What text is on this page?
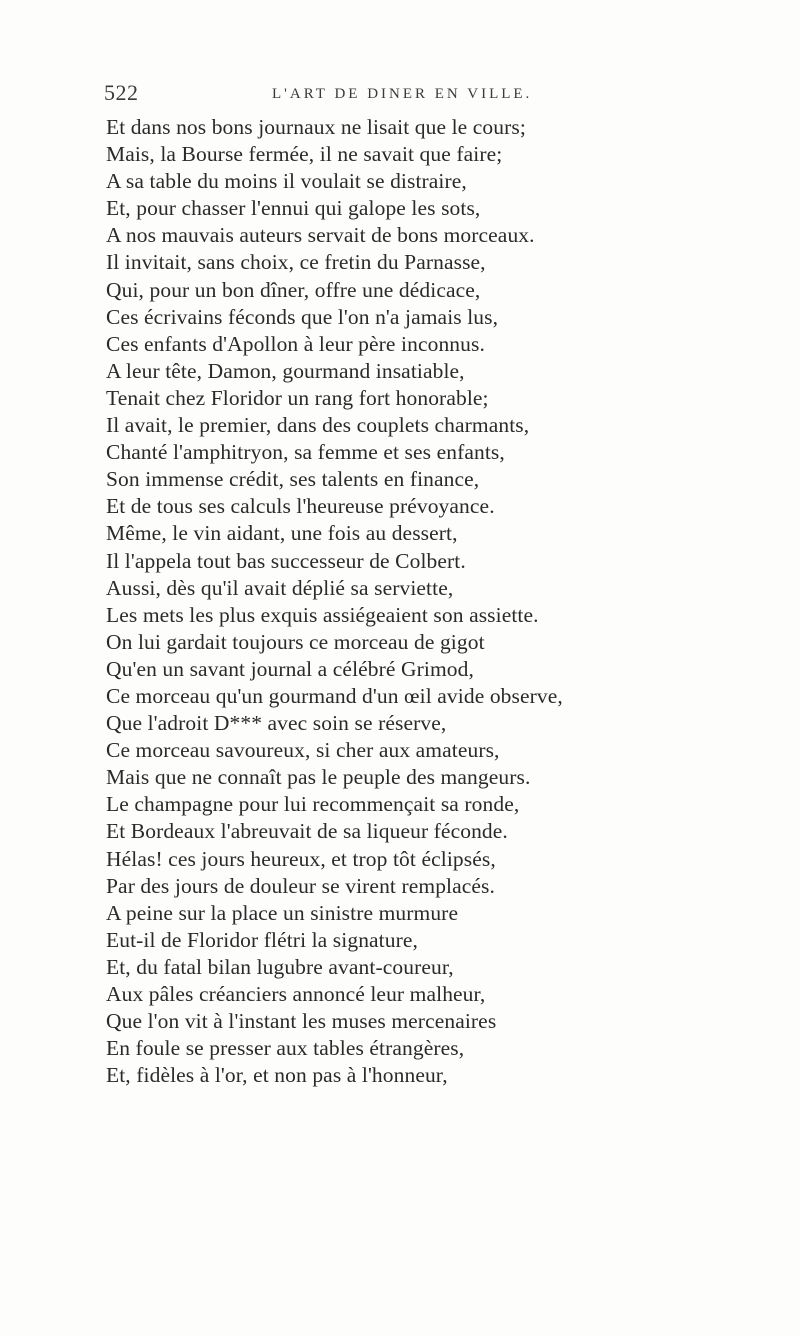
522	L'ART DE DINER EN VILLE.
Et dans nos bons journaux ne lisait que le cours;
Mais, la Bourse fermée, il ne savait que faire;
A sa table du moins il voulait se distraire,
Et, pour chasser l'ennui qui galope les sots,
A nos mauvais auteurs servait de bons morceaux.
Il invitait, sans choix, ce fretin du Parnasse,
Qui, pour un bon dîner, offre une dédicace,
Ces écrivains féconds que l'on n'a jamais lus,
Ces enfants d'Apollon à leur père inconnus.
A leur tête, Damon, gourmand insatiable,
Tenait chez Floridor un rang fort honorable;
Il avait, le premier, dans des couplets charmants,
Chanté l'amphitryon, sa femme et ses enfants,
Son immense crédit, ses talents en finance,
Et de tous ses calculs l'heureuse prévoyance.
Même, le vin aidant, une fois au dessert,
Il l'appela tout bas successeur de Colbert.
Aussi, dès qu'il avait déplié sa serviette,
Les mets les plus exquis assiégeaient son assiette.
On lui gardait toujours ce morceau de gigot
Qu'en un savant journal a célébré Grimod,
Ce morceau qu'un gourmand d'un œil avide observe,
Que l'adroit D*** avec soin se réserve,
Ce morceau savoureux, si cher aux amateurs,
Mais que ne connaît pas le peuple des mangeurs.
Le champagne pour lui recommençait sa ronde,
Et Bordeaux l'abreuvait de sa liqueur féconde.
Hélas! ces jours heureux, et trop tôt éclipsés,
Par des jours de douleur se virent remplacés.
A peine sur la place un sinistre murmure
Eut-il de Floridor flétri la signature,
Et, du fatal bilan lugubre avant-coureur,
Aux pâles créanciers annoncé leur malheur,
Que l'on vit à l'instant les muses mercenaires
En foule se presser aux tables étrangères,
Et, fidèles à l'or, et non pas à l'honneur,
